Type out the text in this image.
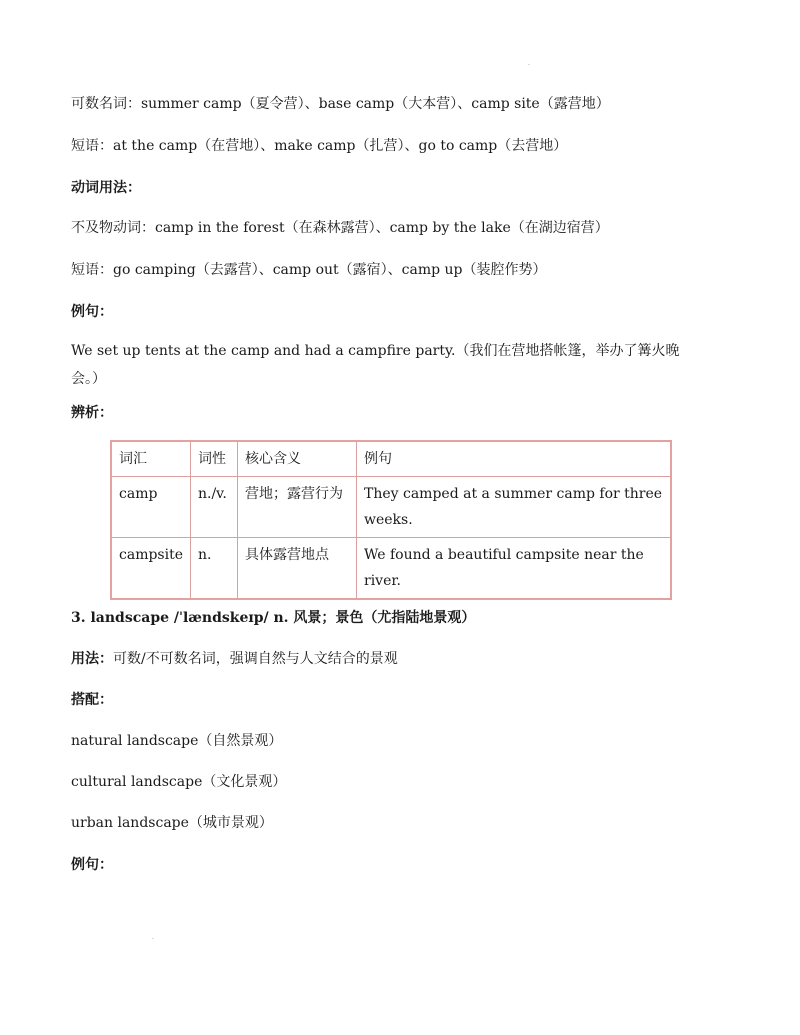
·
可数名词：summer camp（夏令营）、base camp（大本营）、camp site（露营地）
短语：at the camp（在营地）、make camp（扎营）、go to camp（去营地）
动词用法：
不及物动词：camp in the forest（在森林露营）、camp by the lake（在湖边宿营）
短语：go camping（去露营）、camp out（露宿）、camp up（装腔作势）
例句：
We set up tents at the camp and had a campfire party.（我们在营地搭帐篷，举办了篝火晚会。）
辨析：
词汇	词性	核心含义	例句
camp	n./v.	营地；露营行为	They camped at a summer camp for three weeks.
campsite	n.	具体露营地点	We found a beautiful campsite near the river.
3. landscape /ˈlændskeɪp/ n. 风景；景色（尤指陆地景观）
用法：可数/不可数名词，强调自然与人文结合的景观
搭配：
natural landscape（自然景观）
cultural landscape（文化景观）
urban landscape（城市景观）
例句：
·
